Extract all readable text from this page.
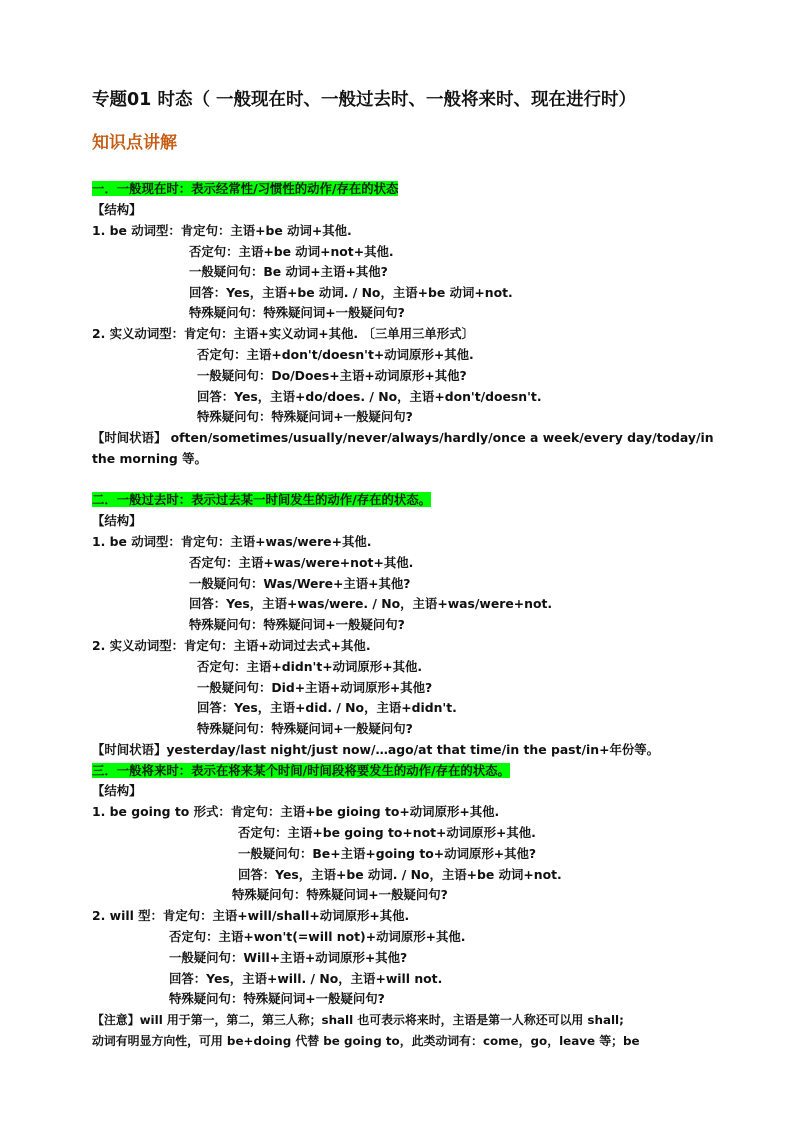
专题01 时态（ 一般现在时、一般过去时、一般将来时、现在进行时）
知识点讲解
一．一般现在时：表示经常性/习惯性的动作/存在的状态
【结构】
1. be 动词型：肯定句：主语+be 动词+其他.
否定句：主语+be 动词+not+其他.
一般疑问句：Be 动词+主语+其他?
回答：Yes，主语+be 动词. / No，主语+be 动词+not.
特殊疑问句：特殊疑问词+一般疑问句?
2. 实义动词型：肯定句：主语+实义动词+其他. 〔三单用三单形式〕
否定句：主语+don't/doesn't+动词原形+其他.
一般疑问句：Do/Does+主语+动词原形+其他?
回答：Yes，主语+do/does. / No，主语+don't/doesn't.
特殊疑问句：特殊疑问词+一般疑问句?
【时间状语】 often/sometimes/usually/never/always/hardly/once a week/every day/today/in
the morning 等。
二．一般过去时：表示过去某一时间发生的动作/存在的状态。
【结构】
1. be 动词型：肯定句：主语+was/were+其他.
否定句：主语+was/were+not+其他.
一般疑问句：Was/Were+主语+其他?
回答：Yes，主语+was/were. / No，主语+was/were+not.
特殊疑问句：特殊疑问词+一般疑问句?
2. 实义动词型：肯定句：主语+动词过去式+其他.
否定句：主语+didn't+动词原形+其他.
一般疑问句：Did+主语+动词原形+其他?
回答：Yes，主语+did. / No，主语+didn't.
特殊疑问句：特殊疑问词+一般疑问句?
【时间状语】yesterday/last night/just now/…ago/at that time/in the past/in+年份等。
三．一般将来时：表示在将来某个时间/时间段将要发生的动作/存在的状态。
【结构】
1. be going to 形式：肯定句：主语+be gioing to+动词原形+其他.
否定句：主语+be going to+not+动词原形+其他.
一般疑问句：Be+主语+going to+动词原形+其他?
回答：Yes，主语+be 动词. / No，主语+be 动词+not.
特殊疑问句：特殊疑问词+一般疑问句?
2. will 型：肯定句：主语+will/shall+动词原形+其他.
否定句：主语+won't(=will not)+动词原形+其他.
一般疑问句：Will+主语+动词原形+其他?
回答：Yes，主语+will. / No，主语+will not.
特殊疑问句：特殊疑问词+一般疑问句?
【注意】will 用于第一，第二，第三人称；shall 也可表示将来时，主语是第一人称还可以用 shall;
动词有明显方向性，可用 be+doing 代替 be going to，此类动词有：come，go，leave 等；be
